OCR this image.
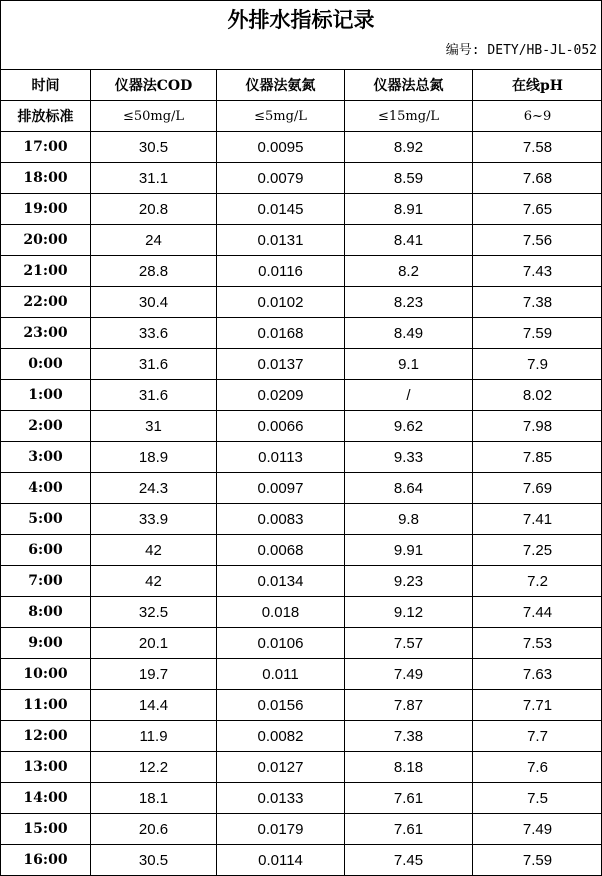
外排水指标记录
编号: DETY/HB-JL-052
时间	仪器法COD	仪器法氨氮	仪器法总氮	在线pH
排放标准	≤50mg/L	≤5mg/L	≤15mg/L	6~9
17:00	30.5	0.0095	8.92	7.58
18:00	31.1	0.0079	8.59	7.68
19:00	20.8	0.0145	8.91	7.65
20:00	24	0.0131	8.41	7.56
21:00	28.8	0.0116	8.2	7.43
22:00	30.4	0.0102	8.23	7.38
23:00	33.6	0.0168	8.49	7.59
0:00	31.6	0.0137	9.1	7.9
1:00	31.6	0.0209	/	8.02
2:00	31	0.0066	9.62	7.98
3:00	18.9	0.0113	9.33	7.85
4:00	24.3	0.0097	8.64	7.69
5:00	33.9	0.0083	9.8	7.41
6:00	42	0.0068	9.91	7.25
7:00	42	0.0134	9.23	7.2
8:00	32.5	0.018	9.12	7.44
9:00	20.1	0.0106	7.57	7.53
10:00	19.7	0.011	7.49	7.63
11:00	14.4	0.0156	7.87	7.71
12:00	11.9	0.0082	7.38	7.7
13:00	12.2	0.0127	8.18	7.6
14:00	18.1	0.0133	7.61	7.5
15:00	20.6	0.0179	7.61	7.49
16:00	30.5	0.0114	7.45	7.59
